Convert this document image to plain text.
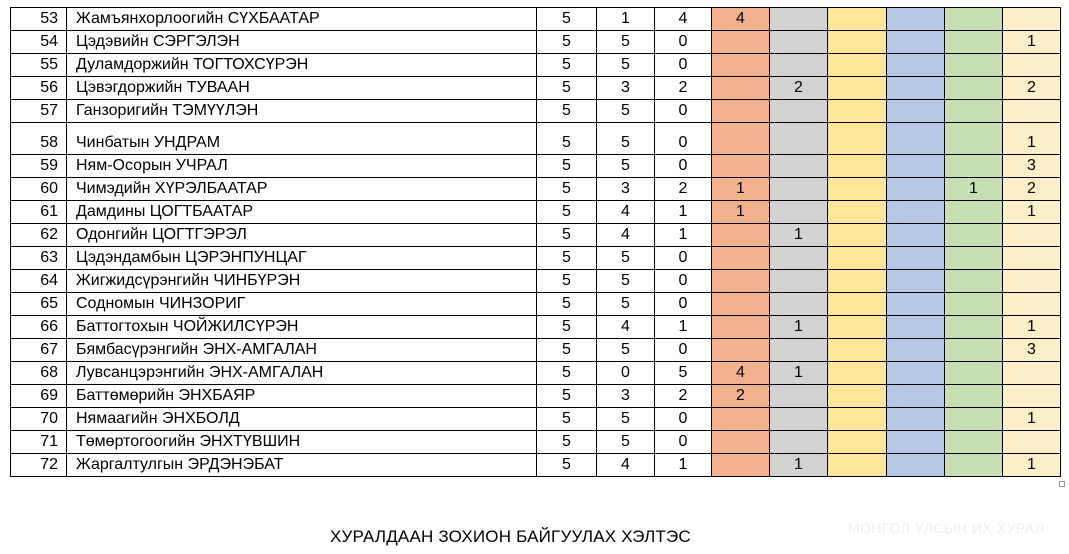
53	Жамъянхорлоогийн СҮХБААТАР	5	1	4	4					
54	Цэдэвийн СЭРГЭЛЭН	5	5	0						1
55	Дуламдоржийн ТОГТОХСҮРЭН	5	5	0						
56	Цэвэгдоржийн ТУВААН	5	3	2		2				2
57	Ганзоригийн ТЭМҮҮЛЭН	5	5	0						
58	Чинбатын УНДРАМ	5	5	0						1
59	Ням-Осорын УЧРАЛ	5	5	0						3
60	Чимэдийн ХҮРЭЛБААТАР	5	3	2	1				1	2
61	Дамдины ЦОГТБААТАР	5	4	1	1					1
62	Одонгийн ЦОГТГЭРЭЛ	5	4	1		1				
63	Цэдэндамбын ЦЭРЭНПУНЦАГ	5	5	0						
64	Жигжидсүрэнгийн ЧИНБҮРЭН	5	5	0						
65	Содномын ЧИНЗОРИГ	5	5	0						
66	Баттогтохын ЧОЙЖИЛСҮРЭН	5	4	1		1				1
67	Бямбасүрэнгийн ЭНХ-АМГАЛАН	5	5	0						3
68	Лувсанцэрэнгийн ЭНХ-АМГАЛАН	5	0	5	4	1				
69	Баттөмөрийн ЭНХБАЯР	5	3	2	2					
70	Нямаагийн ЭНХБОЛД	5	5	0						1
71	Төмөртогоогийн ЭНХТҮВШИН	5	5	0						
72	Жаргалтулгын ЭРДЭНЭБАТ	5	4	1		1				1
ХУРАЛДААН ЗОХИОН БАЙГУУЛАХ ХЭЛТЭС	МОНГОЛ УЛСЫН ИХ ХУРАЛ
